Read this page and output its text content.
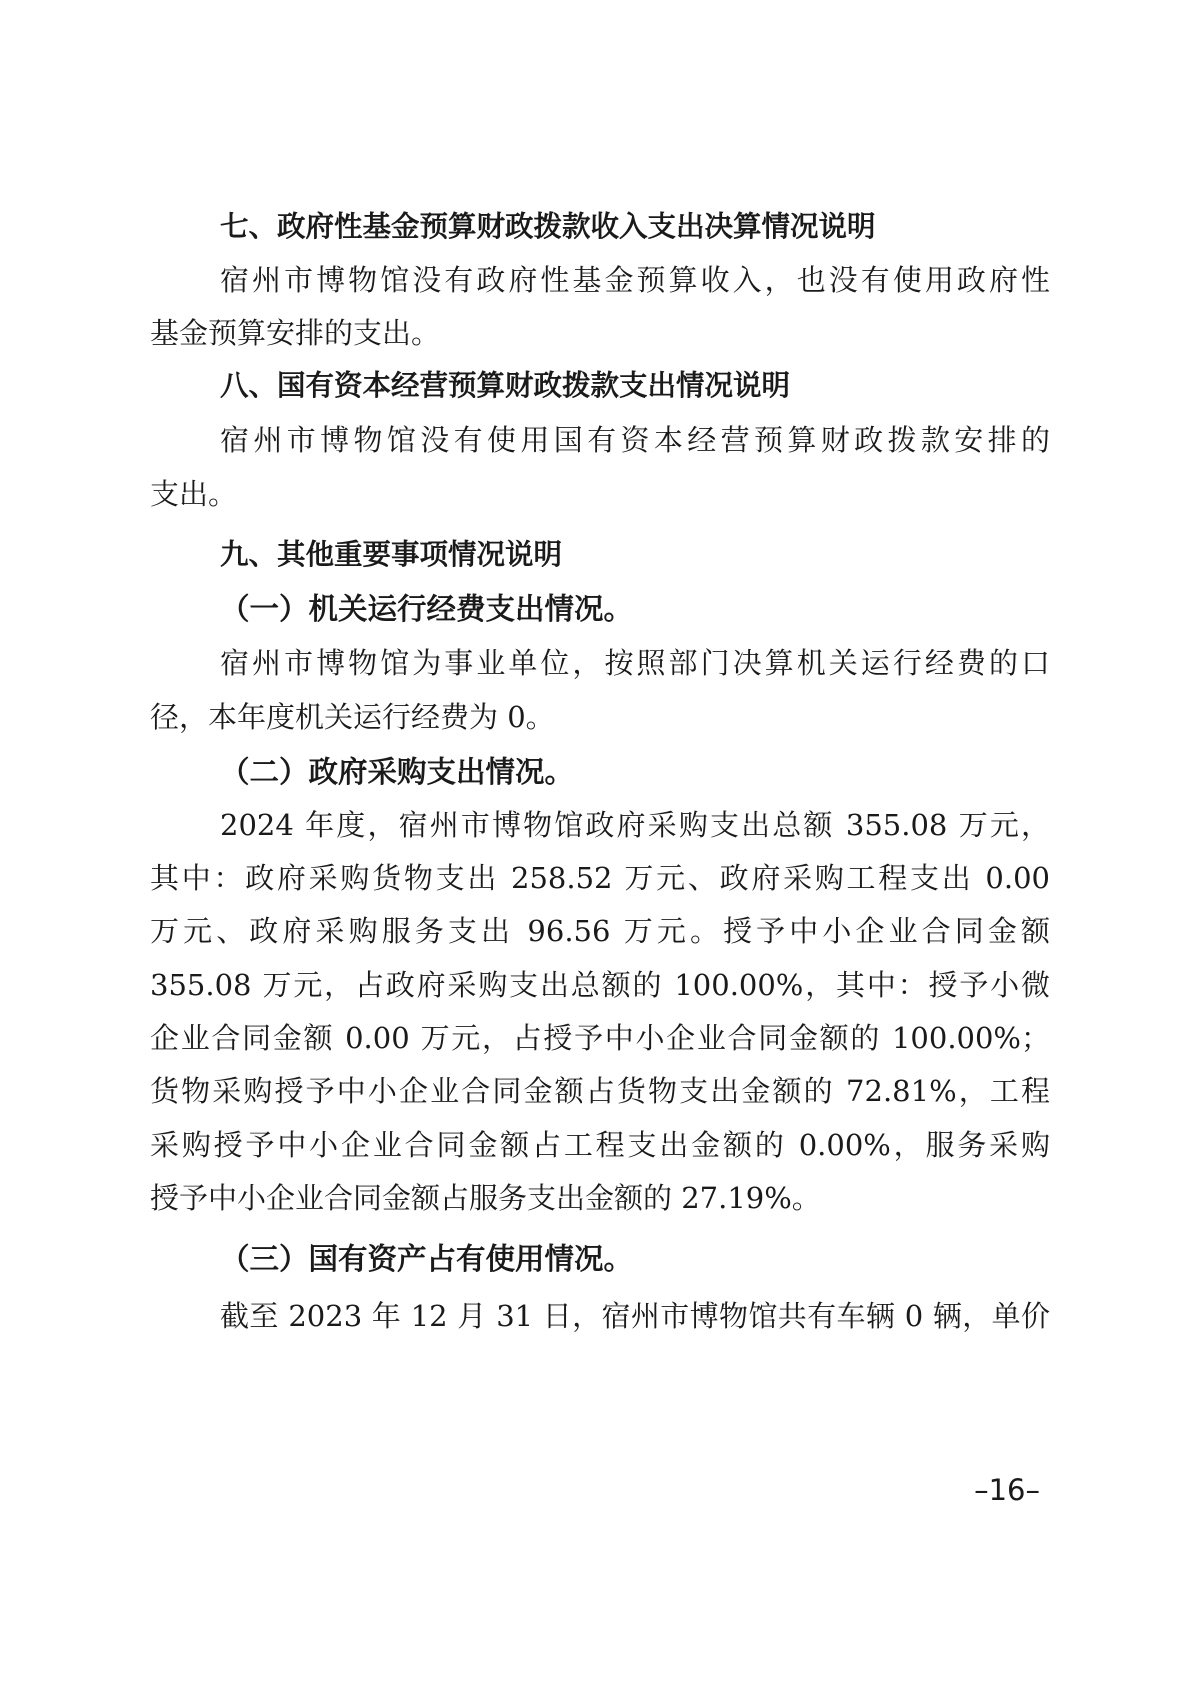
七、政府性基金预算财政拨款收入支出决算情况说明
宿州市博物馆没有政府性基金预算收入，也没有使用政府性
基金预算安排的支出。
八、国有资本经营预算财政拨款支出情况说明
宿州市博物馆没有使用国有资本经营预算财政拨款安排的
支出。
九、其他重要事项情况说明
（一）机关运行经费支出情况。
宿州市博物馆为事业单位，按照部门决算机关运行经费的口
径，本年度机关运行经费为 0。
（二）政府采购支出情况。
2024 年度，宿州市博物馆政府采购支出总额 355.08 万元，
其中：政府采购货物支出 258.52 万元、政府采购工程支出 0.00
万元、政府采购服务支出 96.56 万元。授予中小企业合同金额
355.08 万元，占政府采购支出总额的 100.00%，其中：授予小微
企业合同金额 0.00 万元，占授予中小企业合同金额的 100.00%；
货物采购授予中小企业合同金额占货物支出金额的 72.81%，工程
采购授予中小企业合同金额占工程支出金额的 0.00%，服务采购
授予中小企业合同金额占服务支出金额的 27.19%。
（三）国有资产占有使用情况。
截至 2023 年 12 月 31 日，宿州市博物馆共有车辆 0 辆，单价
–16–
